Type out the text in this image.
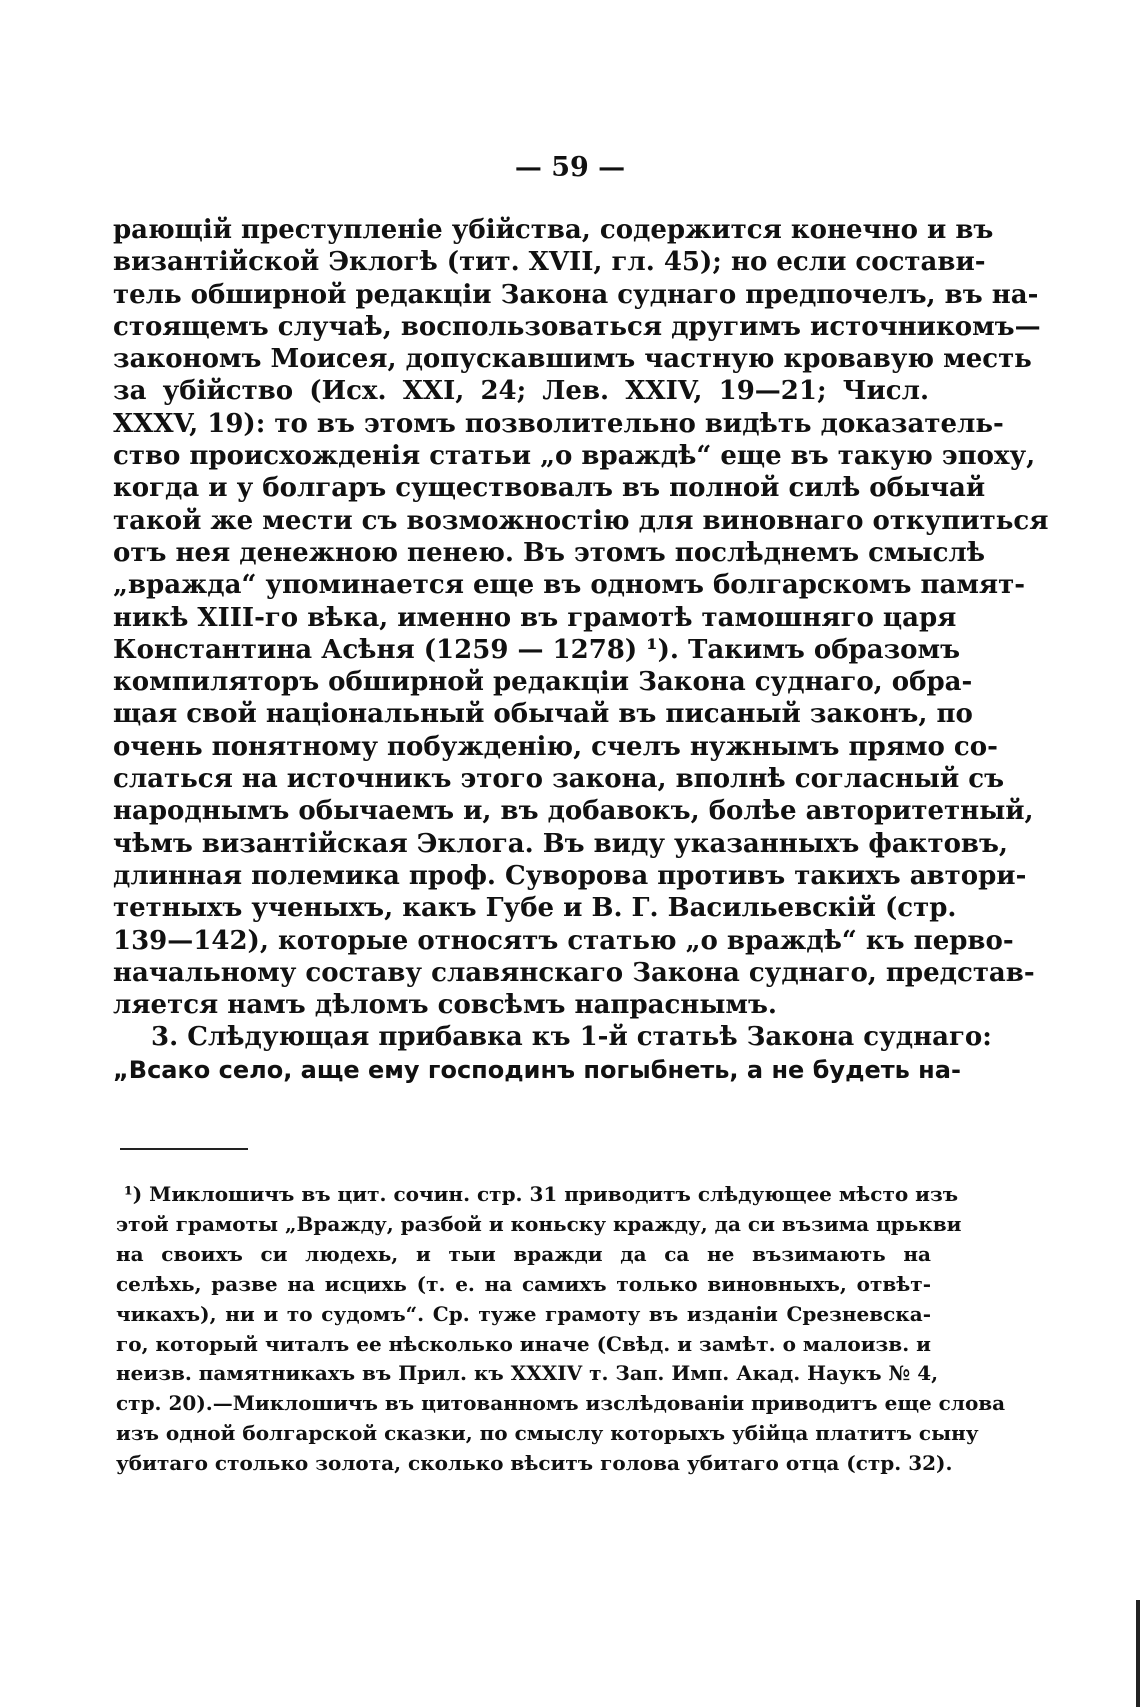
— 59 —
рающій преступленіе убійства, содержится конечно и въ
византійской Эклогѣ (тит. XVII, гл. 45); но если состави-
тель обширной редакціи Закона суднаго предпочелъ, въ на-
стоящемъ случаѣ, воспользоваться другимъ источникомъ—
закономъ Моисея, допускавшимъ частную кровавую месть
за убійство (Исх. XXI, 24; Лев. XXIV, 19—21; Числ.
XXXV, 19): то въ этомъ позволительно видѣть доказатель-
ство происхожденія статьи „о враждѣ“ еще въ такую эпоху,
когда и у болгаръ существовалъ въ полной силѣ обычай
такой же мести съ возможностію для виновнаго откупиться
отъ нея денежною пенею. Въ этомъ послѣднемъ смыслѣ
„вражда“ упоминается еще въ одномъ болгарскомъ памят-
никѣ XIII-го вѣка, именно въ грамотѣ тамошняго царя
Константина Асѣня (1259 — 1278) ¹). Такимъ образомъ
компиляторъ обширной редакціи Закона суднаго, обра-
щая свой національный обычай въ писаный законъ, по
очень понятному побужденію, счелъ нужнымъ прямо со-
слаться на источникъ этого закона, вполнѣ согласный съ
народнымъ обычаемъ и, въ добавокъ, болѣе авторитетный,
чѣмъ византійская Эклога. Въ виду указанныхъ фактовъ,
длинная полемика проф. Суворова противъ такихъ автори-
тетныхъ ученыхъ, какъ Губе и В. Г. Васильевскій (стр.
139—142), которые относятъ статью „о враждѣ“ къ перво-
начальному составу славянскаго Закона суднаго, представ-
ляется намъ дѣломъ совсѣмъ напраснымъ.
3. Слѣдующая прибавка къ 1-й статьѣ Закона суднаго:
„Всако село, аще ему господинъ погыбнеть, а не будеть на-
¹) Миклошичъ въ цит. сочин. стр. 31 приводитъ слѣдующее мѣсто изъ
этой грамоты „Вражду, разбой и коньску кражду, да си възима црькви
на своихъ си людехь, и тыи вражди да са не възимають на
селѣхь, разве на исцихь (т. е. на самихъ только виновныхъ, отвѣт-
чикахъ), ни и то судомъ“. Ср. туже грамоту въ изданіи Срезневска-
го, который читалъ ее нѣсколько иначе (Свѣд. и замѣт. о малоизв. и
неизв. памятникахъ въ Прил. къ XXXIV т. Зап. Имп. Акад. Наукъ № 4,
стр. 20).—Миклошичъ въ цитованномъ изслѣдованіи приводитъ еще слова
изъ одной болгарской сказки, по смыслу которыхъ убійца платитъ сыну
убитаго столько золота, сколько вѣситъ голова убитаго отца (стр. 32).
